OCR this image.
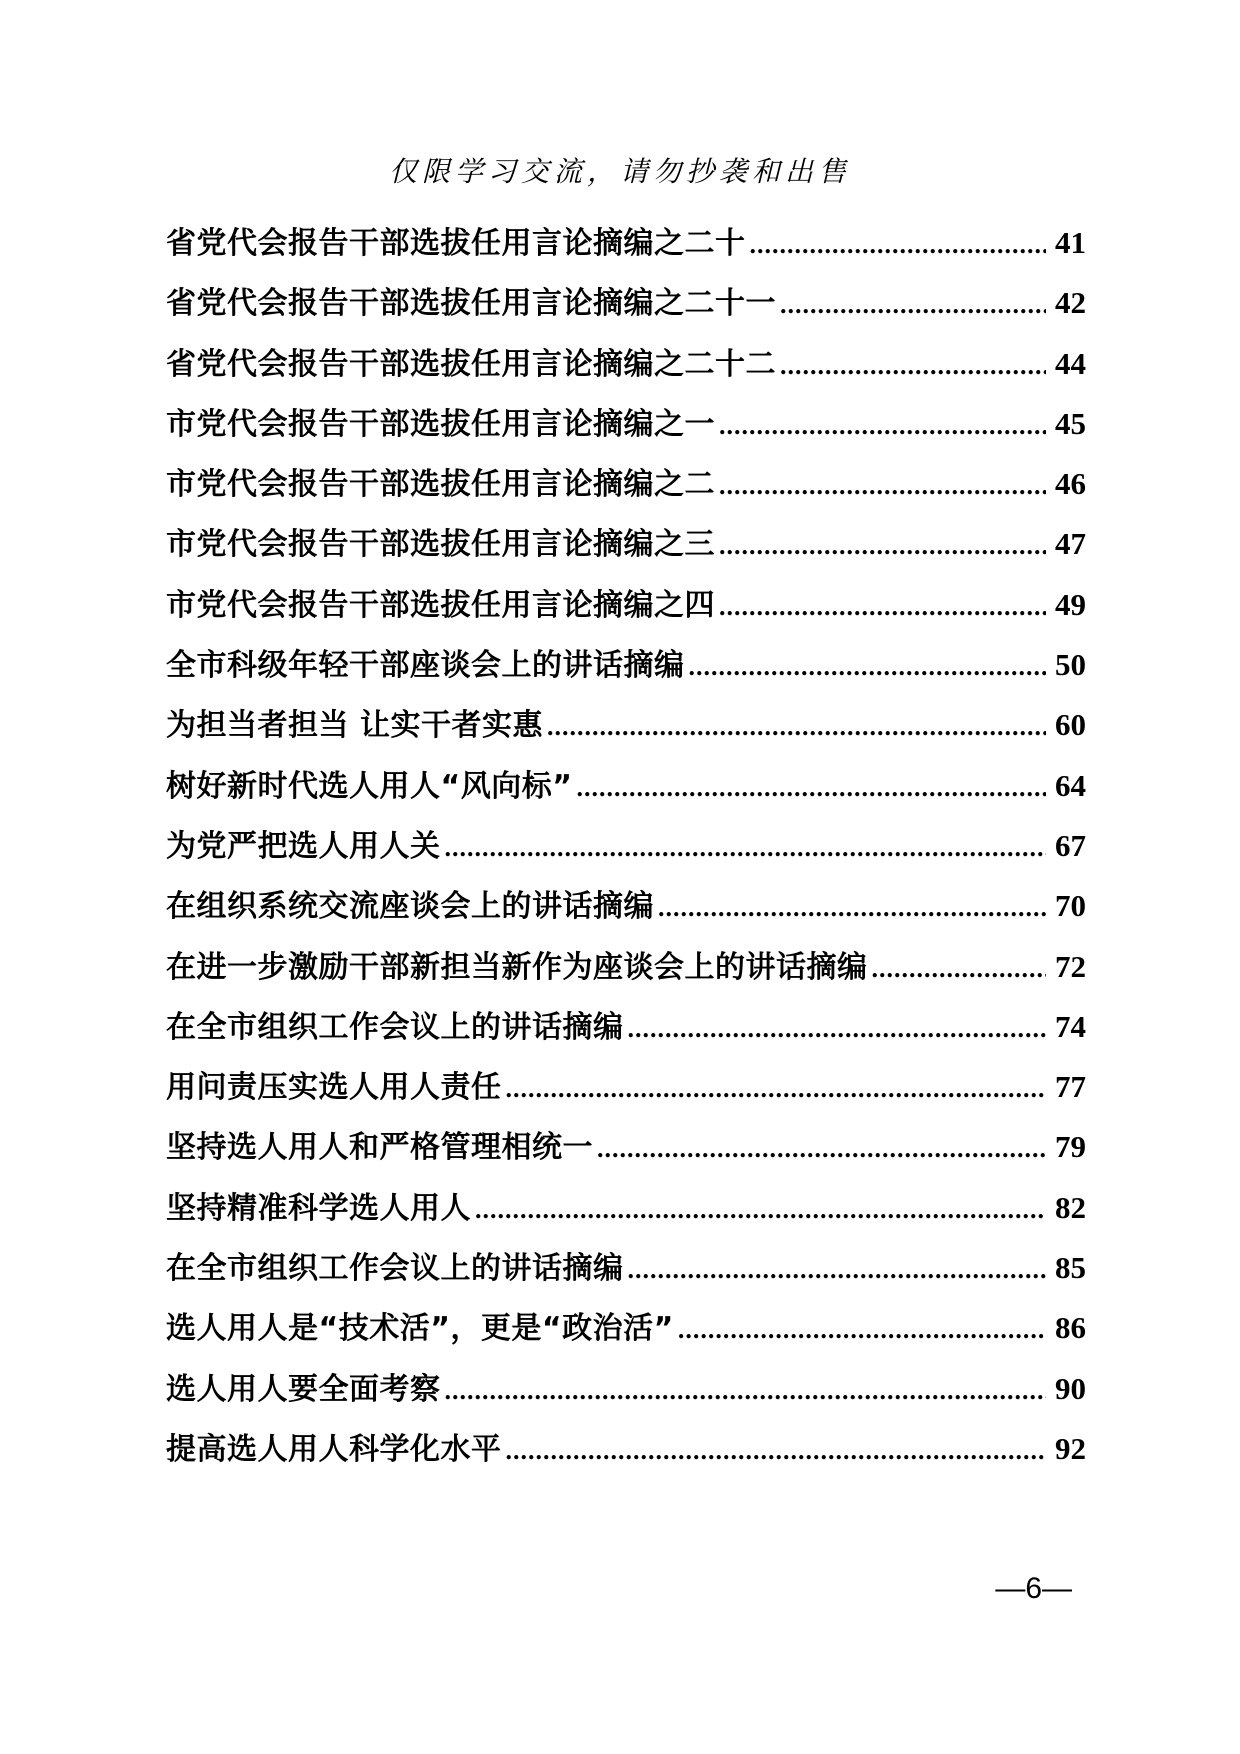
仅限学习交流，请勿抄袭和出售
省党代会报告干部选拔任用言论摘编之二十 .....	41
省党代会报告干部选拔任用言论摘编之二十一 .....	42
省党代会报告干部选拔任用言论摘编之二十二 .....	44
市党代会报告干部选拔任用言论摘编之一 .....	45
市党代会报告干部选拔任用言论摘编之二 .....	46
市党代会报告干部选拔任用言论摘编之三 .....	47
市党代会报告干部选拔任用言论摘编之四 .....	49
全市科级年轻干部座谈会上的讲话摘编 .....	50
为担当者担当 让实干者实惠 .....	60
树好新时代选人用人“风向标” .....	64
为党严把选人用人关 .....	67
在组织系统交流座谈会上的讲话摘编 .....	70
在进一步激励干部新担当新作为座谈会上的讲话摘编 .....	72
在全市组织工作会议上的讲话摘编 .....	74
用问责压实选人用人责任 .....	77
坚持选人用人和严格管理相统一 .....	79
坚持精准科学选人用人 .....	82
在全市组织工作会议上的讲话摘编 .....	85
选人用人是“技术活”，更是“政治活” .....	86
选人用人要全面考察 .....	90
提高选人用人科学化水平 .....	92
—6—
